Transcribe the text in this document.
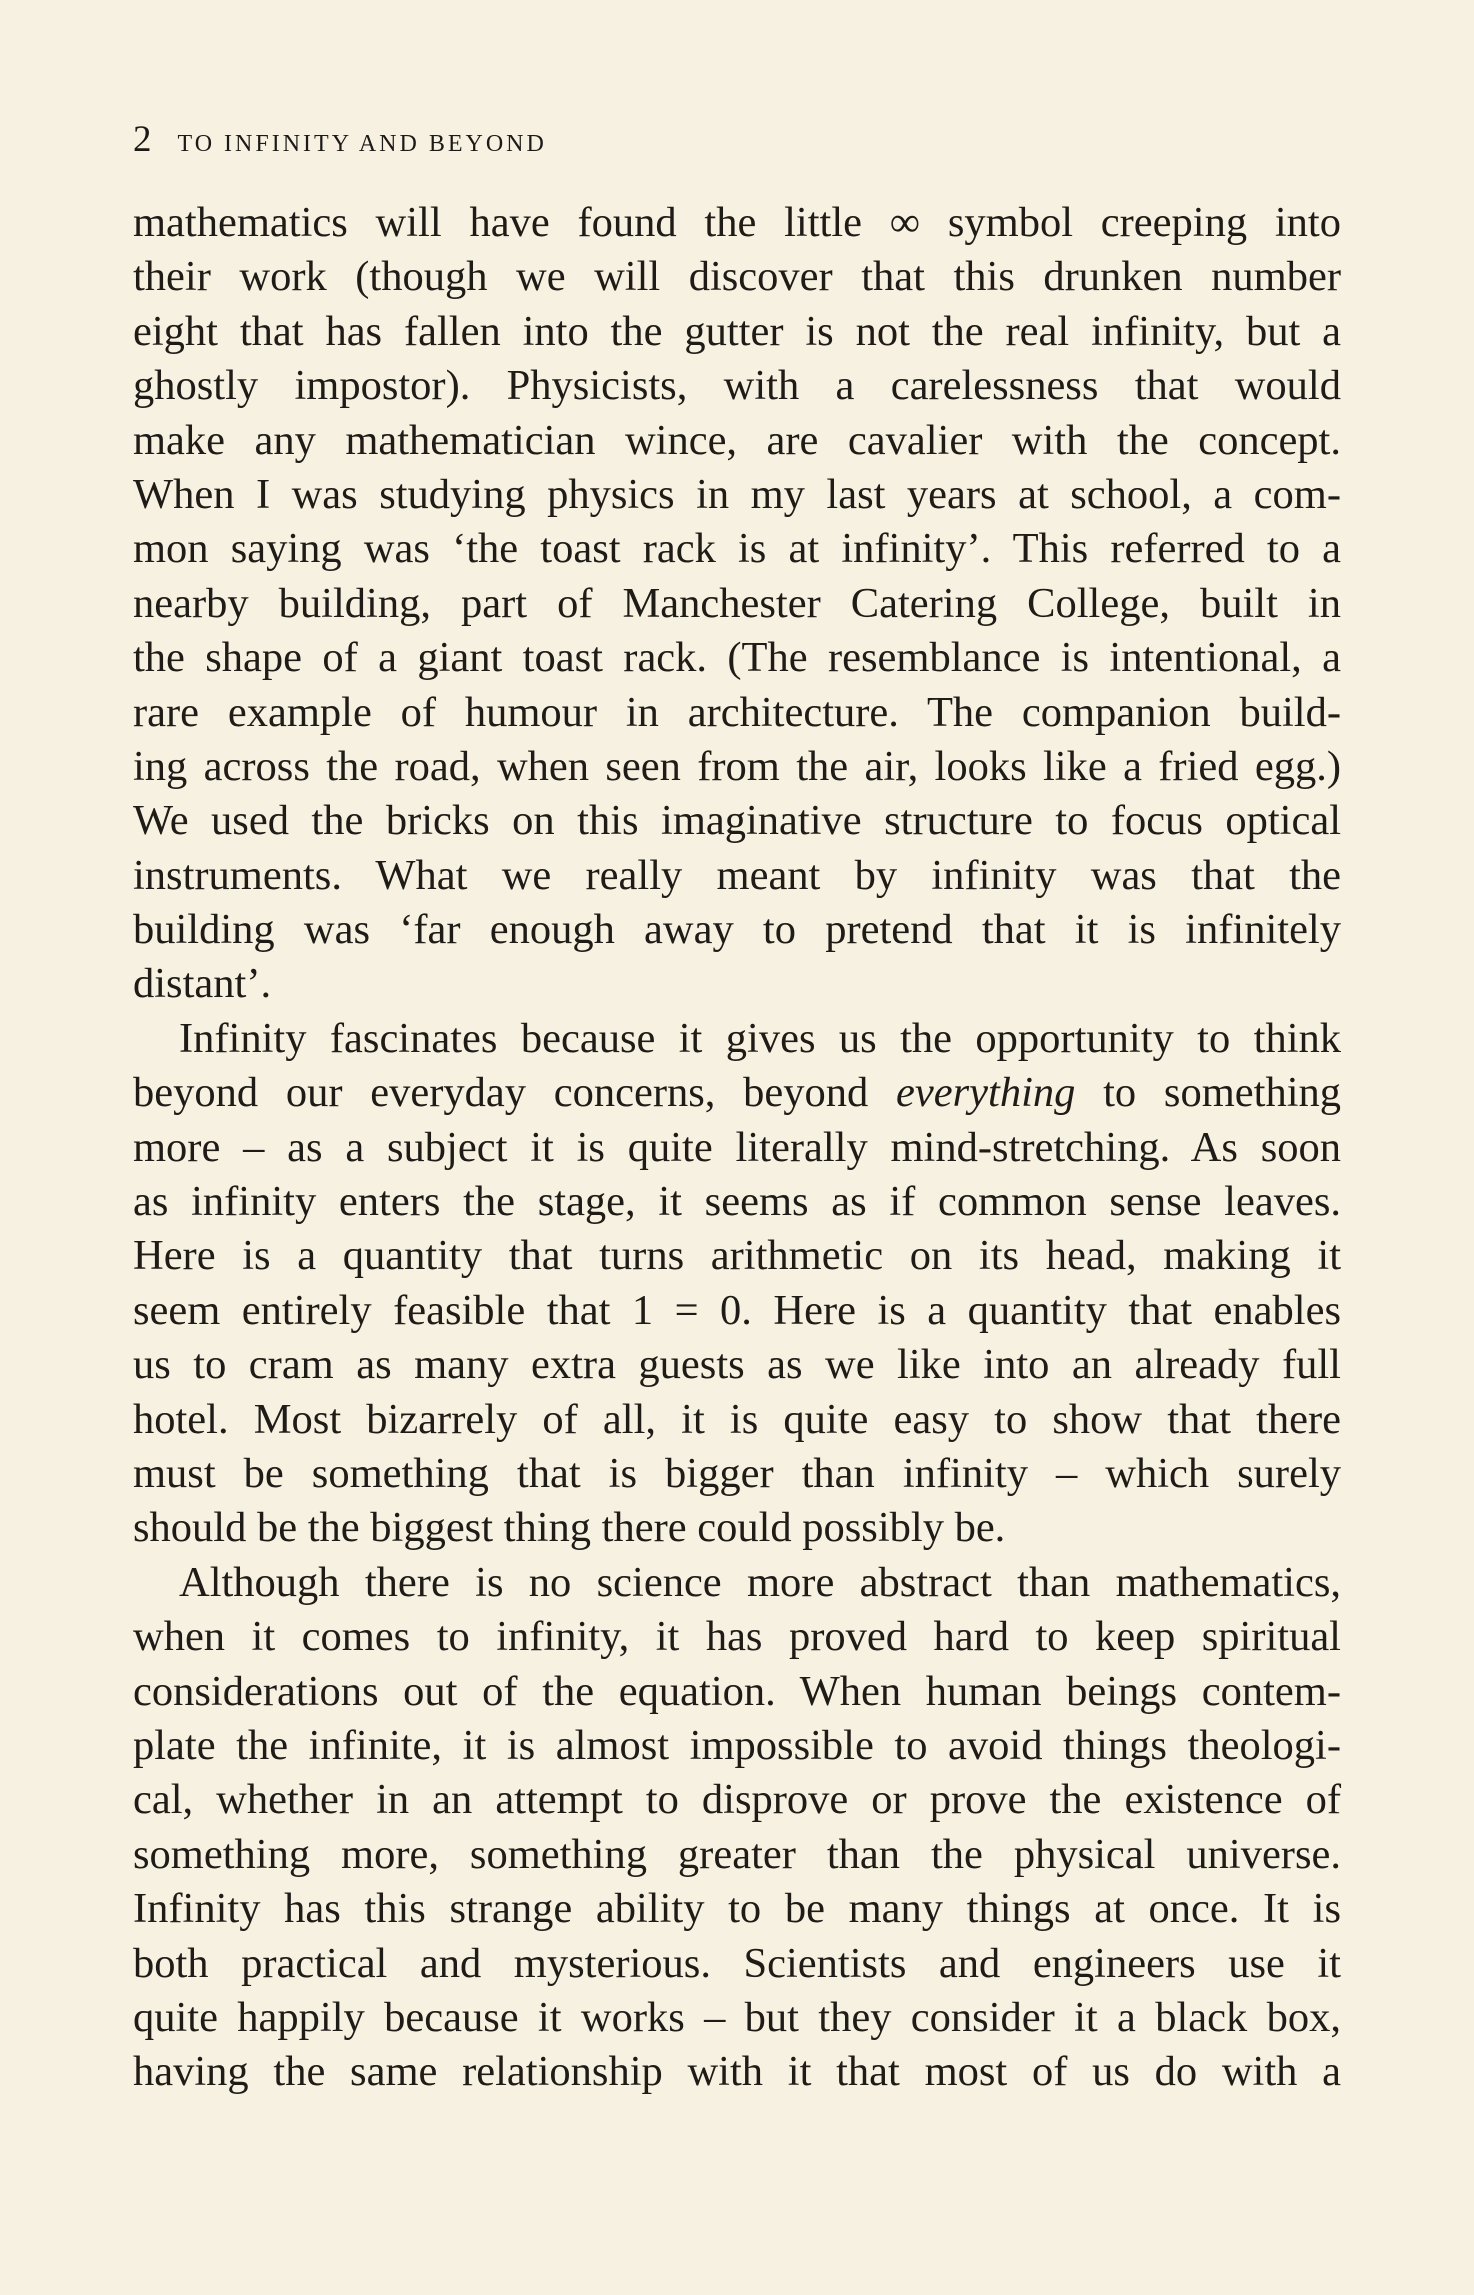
2 TO INFINITY AND BEYOND
mathematics will have found the little ∞ symbol creeping into
their work (though we will discover that this drunken number
eight that has fallen into the gutter is not the real infinity, but a
ghostly impostor). Physicists, with a carelessness that would
make any mathematician wince, are cavalier with the concept.
When I was studying physics in my last years at school, a com-
mon saying was ‘the toast rack is at infinity’. This referred to a
nearby building, part of Manchester Catering College, built in
the shape of a giant toast rack. (The resemblance is intentional, a
rare example of humour in architecture. The companion build-
ing across the road, when seen from the air, looks like a fried egg.)
We used the bricks on this imaginative structure to focus optical
instruments. What we really meant by infinity was that the
building was ‘far enough away to pretend that it is infinitely
distant’.
Infinity fascinates because it gives us the opportunity to think
beyond our everyday concerns, beyond everything to something
more – as a subject it is quite literally mind-stretching. As soon
as infinity enters the stage, it seems as if common sense leaves.
Here is a quantity that turns arithmetic on its head, making it
seem entirely feasible that 1 = 0. Here is a quantity that enables
us to cram as many extra guests as we like into an already full
hotel. Most bizarrely of all, it is quite easy to show that there
must be something that is bigger than infinity – which surely
should be the biggest thing there could possibly be.
Although there is no science more abstract than mathematics,
when it comes to infinity, it has proved hard to keep spiritual
considerations out of the equation. When human beings contem-
plate the infinite, it is almost impossible to avoid things theologi-
cal, whether in an attempt to disprove or prove the existence of
something more, something greater than the physical universe.
Infinity has this strange ability to be many things at once. It is
both practical and mysterious. Scientists and engineers use it
quite happily because it works – but they consider it a black box,
having the same relationship with it that most of us do with a
